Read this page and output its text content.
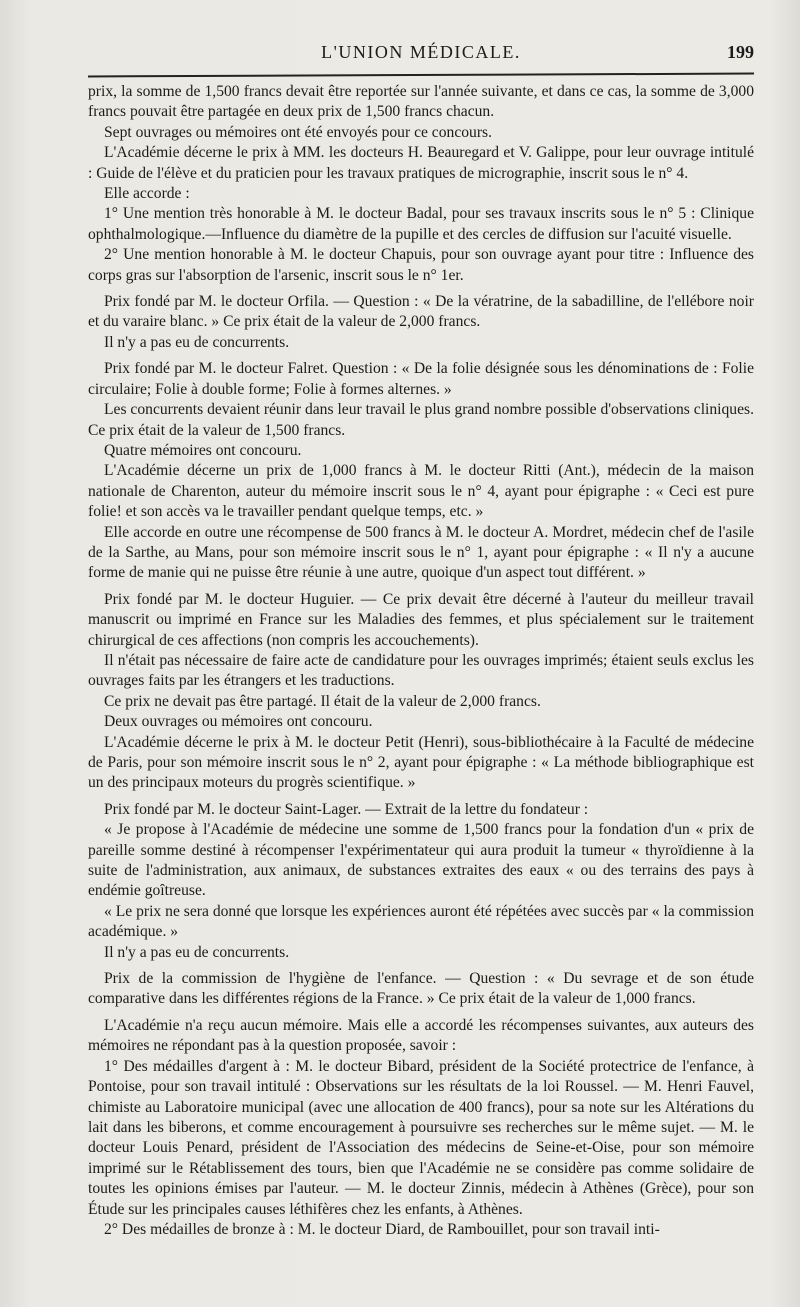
L'UNION MÉDICALE.	199

prix, la somme de 1,500 francs devait être reportée sur l'année suivante, et dans ce cas, la somme de 3,000 francs pouvait être partagée en deux prix de 1,500 francs chacun.

Sept ouvrages ou mémoires ont été envoyés pour ce concours.

L'Académie décerne le prix à MM. les docteurs H. Beauregard et V. Galippe, pour leur ouvrage intitulé : Guide de l'élève et du praticien pour les travaux pratiques de micrographie, inscrit sous le n° 4.

Elle accorde :

1° Une mention très honorable à M. le docteur Badal, pour ses travaux inscrits sous le n° 5 : Clinique ophthalmologique.—Influence du diamètre de la pupille et des cercles de diffusion sur l'acuité visuelle.

2° Une mention honorable à M. le docteur Chapuis, pour son ouvrage ayant pour titre : Influence des corps gras sur l'absorption de l'arsenic, inscrit sous le n° 1er.

Prix fondé par M. le docteur Orfila. — Question : « De la vératrine, de la sabadilline, de l'ellébore noir et du varaire blanc. » Ce prix était de la valeur de 2,000 francs.

Il n'y a pas eu de concurrents.

Prix fondé par M. le docteur Falret. Question : « De la folie désignée sous les dénominations de : Folie circulaire; Folie à double forme; Folie à formes alternes. »

Les concurrents devaient réunir dans leur travail le plus grand nombre possible d'observations cliniques. Ce prix était de la valeur de 1,500 francs.

Quatre mémoires ont concouru.

L'Académie décerne un prix de 1,000 francs à M. le docteur Ritti (Ant.), médecin de la maison nationale de Charenton, auteur du mémoire inscrit sous le n° 4, ayant pour épigraphe : « Ceci est pure folie! et son accès va le travailler pendant quelque temps, etc. »

Elle accorde en outre une récompense de 500 francs à M. le docteur A. Mordret, médecin chef de l'asile de la Sarthe, au Mans, pour son mémoire inscrit sous le n° 1, ayant pour épigraphe : « Il n'y a aucune forme de manie qui ne puisse être réunie à une autre, quoique d'un aspect tout différent. »

Prix fondé par M. le docteur Huguier. — Ce prix devait être décerné à l'auteur du meilleur travail manuscrit ou imprimé en France sur les Maladies des femmes, et plus spécialement sur le traitement chirurgical de ces affections (non compris les accouchements).

Il n'était pas nécessaire de faire acte de candidature pour les ouvrages imprimés; étaient seuls exclus les ouvrages faits par les étrangers et les traductions.

Ce prix ne devait pas être partagé. Il était de la valeur de 2,000 francs.

Deux ouvrages ou mémoires ont concouru.

L'Académie décerne le prix à M. le docteur Petit (Henri), sous-bibliothécaire à la Faculté de médecine de Paris, pour son mémoire inscrit sous le n° 2, ayant pour épigraphe : « La méthode bibliographique est un des principaux moteurs du progrès scientifique. »

Prix fondé par M. le docteur Saint-Lager. — Extrait de la lettre du fondateur :

« Je propose à l'Académie de médecine une somme de 1,500 francs pour la fondation d'un « prix de pareille somme destiné à récompenser l'expérimentateur qui aura produit la tumeur « thyroïdienne à la suite de l'administration, aux animaux, de substances extraites des eaux « ou des terrains des pays à endémie goîtreuse.

« Le prix ne sera donné que lorsque les expériences auront été répétées avec succès par « la commission académique. »

Il n'y a pas eu de concurrents.

Prix de la commission de l'hygiène de l'enfance. — Question : « Du sevrage et de son étude comparative dans les différentes régions de la France. » Ce prix était de la valeur de 1,000 francs.

L'Académie n'a reçu aucun mémoire. Mais elle a accordé les récompenses suivantes, aux auteurs des mémoires ne répondant pas à la question proposée, savoir :

1° Des médailles d'argent à : M. le docteur Bibard, président de la Société protectrice de l'enfance, à Pontoise, pour son travail intitulé : Observations sur les résultats de la loi Roussel. — M. Henri Fauvel, chimiste au Laboratoire municipal (avec une allocation de 400 francs), pour sa note sur les Altérations du lait dans les biberons, et comme encouragement à poursuivre ses recherches sur le même sujet. — M. le docteur Louis Penard, président de l'Association des médecins de Seine-et-Oise, pour son mémoire imprimé sur le Rétablissement des tours, bien que l'Académie ne se considère pas comme solidaire de toutes les opinions émises par l'auteur. — M. le docteur Zinnis, médecin à Athènes (Grèce), pour son Étude sur les principales causes léthifères chez les enfants, à Athènes.

2° Des médailles de bronze à : M. le docteur Diard, de Rambouillet, pour son travail inti-
